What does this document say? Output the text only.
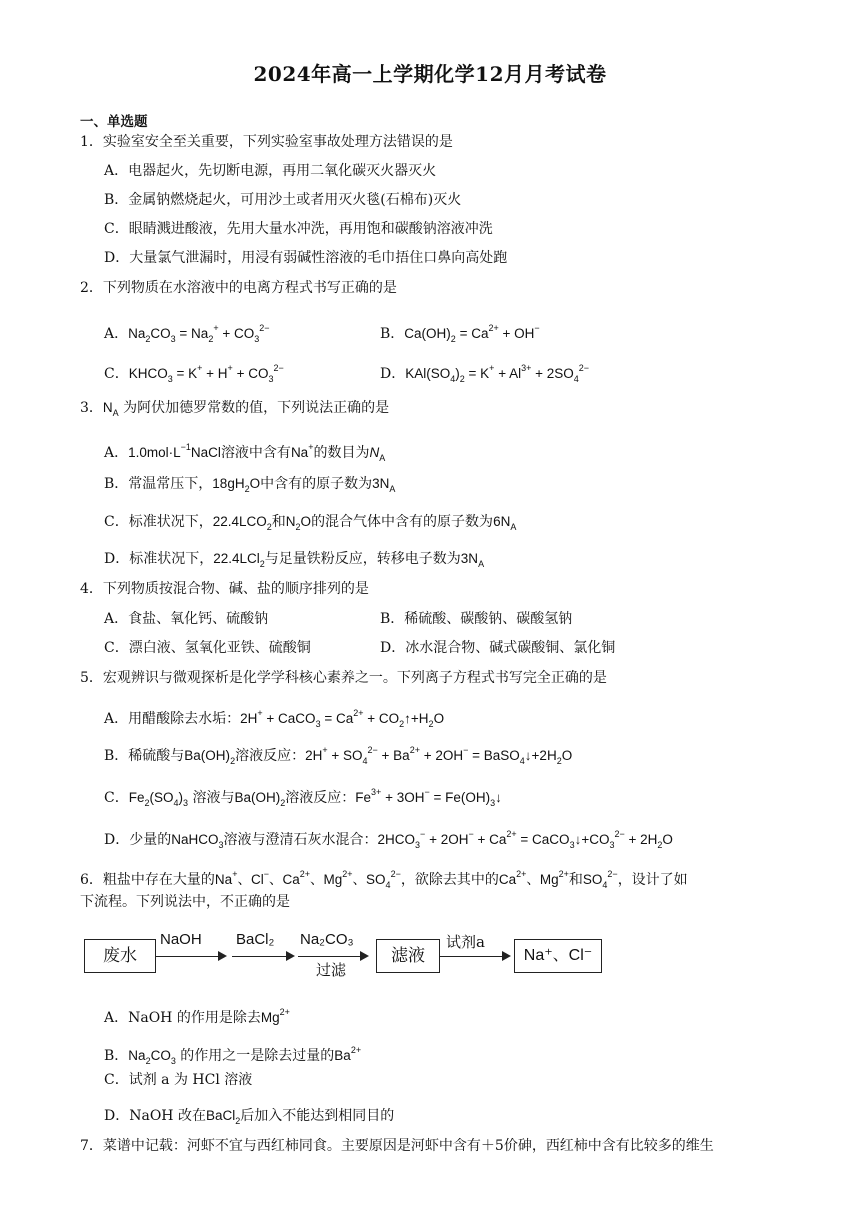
2024年高一上学期化学12月月考试卷
一、单选题
1．实验室安全至关重要，下列实验室事故处理方法错误的是
A．电器起火，先切断电源，再用二氧化碳灭火器灭火
B．金属钠燃烧起火，可用沙土或者用灭火毯(石棉布)灭火
C．眼睛溅进酸液，先用大量水冲洗，再用饱和碳酸钠溶液冲洗
D．大量氯气泄漏时，用浸有弱碱性溶液的毛巾捂住口鼻向高处跑
2．下列物质在水溶液中的电离方程式书写正确的是
A．$Na_2CO_3 = Na_2^+ + CO_3^{2-}$	B．$Ca(OH)_2 = Ca^{2+} + OH^-$
C．$KHCO_3 = K^+ + H^+ + CO_3^{2-}$	D．$KAl(SO_4)_2 = K^+ + Al^{3+} + 2SO_4^{2-}$
3．$N_A$ 为阿伏加德罗常数的值，下列说法正确的是
A．$1.0mol\cdot L^{-1}NaCl$溶液中含有Na+的数目为$N_A$
B．常温常压下，$18gH_2O$中含有的原子数为$3N_A$
C．标准状况下，$22.4LCO_2$和$N_2O$的混合气体中含有的原子数为$6N_A$
D．标准状况下，22.4LCl$_2$与足量铁粉反应，转移电子数为$3N_A$
4．下列物质按混合物、碱、盐的顺序排列的是
A．食盐、氧化钙、硫酸钠	B．稀硫酸、碳酸钠、碳酸氢钠
C．漂白液、氢氧化亚铁、硫酸铜	D．冰水混合物、碱式碳酸铜、氯化铜
5．宏观辨识与微观探析是化学学科核心素养之一。下列离子方程式书写完全正确的是
A．用醋酸除去水垢：2H+ + CaCO$_3$ = $Ca^{2+}$ + $CO_2↑+H_2O$
B．稀硫酸与$Ba(OH)_2$溶液反应：$2H^+ + SO_4^{2-} + Ba^{2+} + 2OH^-$ = $BaSO_4↓+2H_2O$
C．$Fe_2(SO_4)_3$ 溶液与$Ba(OH)_2$溶液反应：$Fe^{3+} + 3OH^-$ = $Fe(OH)_3↓$
D．少量的NaHCO$_3$溶液与澄清石灰水混合：$2HCO_3^- + 2OH^- + Ca^{2+}$ = $CaCO_3↓+CO_3^{2-} + 2H_2O$
6．粗盐中存在大量的Na+、Cl−、$Ca^{2+}$、$Mg^{2+}$、$SO_4^{2-}$，欲除去其中的$Ca^{2+}$、$Mg^{2+}$和$SO_4^{2-}$，设计了如
下流程。下列说法中，不正确的是
废水
NaOH BaCl₂ Na₂CO₃
过滤
滤液
试剂a
Na⁺、Cl⁻
A．NaOH 的作用是除去$Mg^{2+}$
B．$Na_2CO_3$ 的作用之一是除去过量的$Ba^{2+}$
C．试剂 a 为 HCl 溶液
D．NaOH 改在BaCl$_2$后加入不能达到相同目的
7．菜谱中记载：河虾不宜与西红柿同食。主要原因是河虾中含有＋5价砷，西红柿中含有比较多的维生
